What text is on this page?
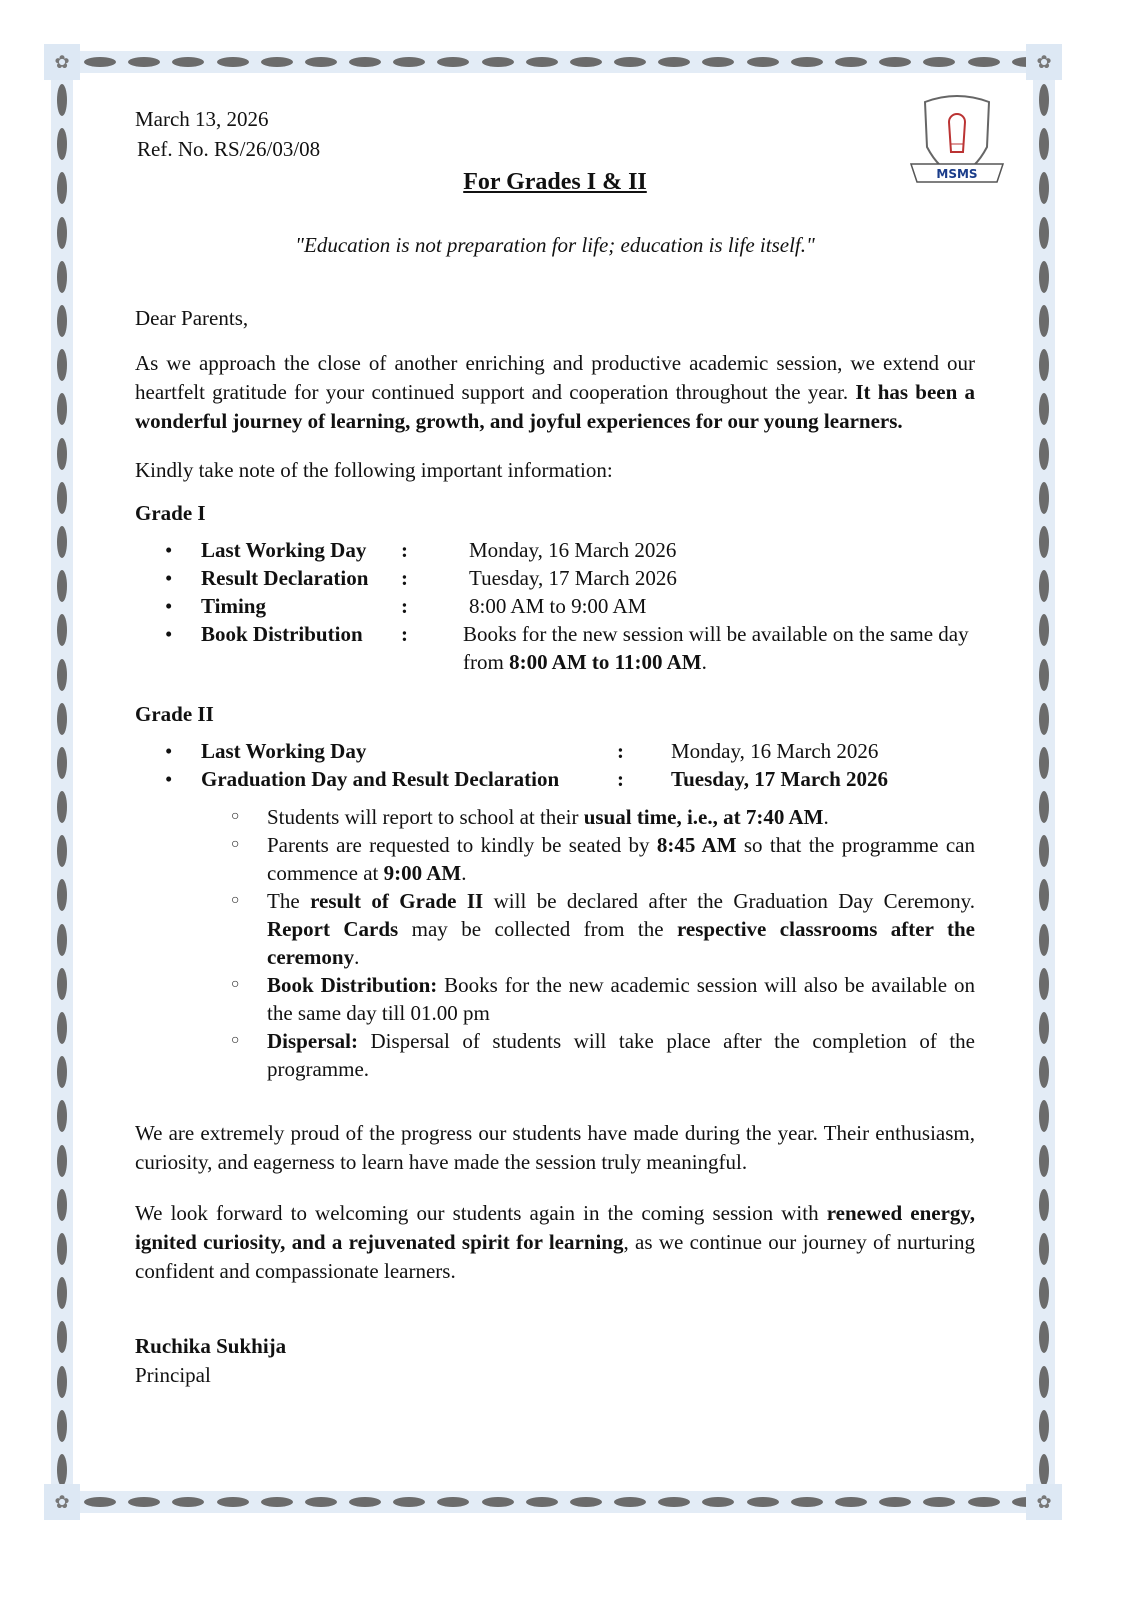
✿	✿
✿	✿
MSMS
March 13, 2026
Ref. No. RS/26/03/08
For Grades I & II
"Education is not preparation for life; education is life itself."

Dear Parents,

As we approach the close of another enriching and productive academic session, we extend our heartfelt gratitude for your continued support and cooperation throughout the year. It has been a wonderful journey of learning, growth, and joyful experiences for our young learners.

Kindly take note of the following important information:

Grade I

•	Last Working Day	:	Monday, 16 March 2026
•	Result Declaration	:	Tuesday, 17 March 2026
•	Timing	:	8:00 AM to 9:00 AM
•	Book Distribution	:	Books for the new session will be available on the same day from 8:00 AM to 11:00 AM.

Grade II

•	Last Working Day	:	Monday, 16 March 2026
•	Graduation Day and Result Declaration	:	Tuesday, 17 March 2026
○	Students will report to school at their usual time, i.e., at 7:40 AM.
○	Parents are requested to kindly be seated by 8:45 AM so that the programme can commence at 9:00 AM.
○	The result of Grade II will be declared after the Graduation Day Ceremony. Report Cards may be collected from the respective classrooms after the ceremony.
○	Book Distribution: Books for the new academic session will also be available on the same day till 01.00 pm
○	Dispersal: Dispersal of students will take place after the completion of the programme.

We are extremely proud of the progress our students have made during the year. Their enthusiasm, curiosity, and eagerness to learn have made the session truly meaningful.

We look forward to welcoming our students again in the coming session with renewed energy, ignited curiosity, and a rejuvenated spirit for learning, as we continue our journey of nurturing confident and compassionate learners.

Ruchika Sukhija

Principal
